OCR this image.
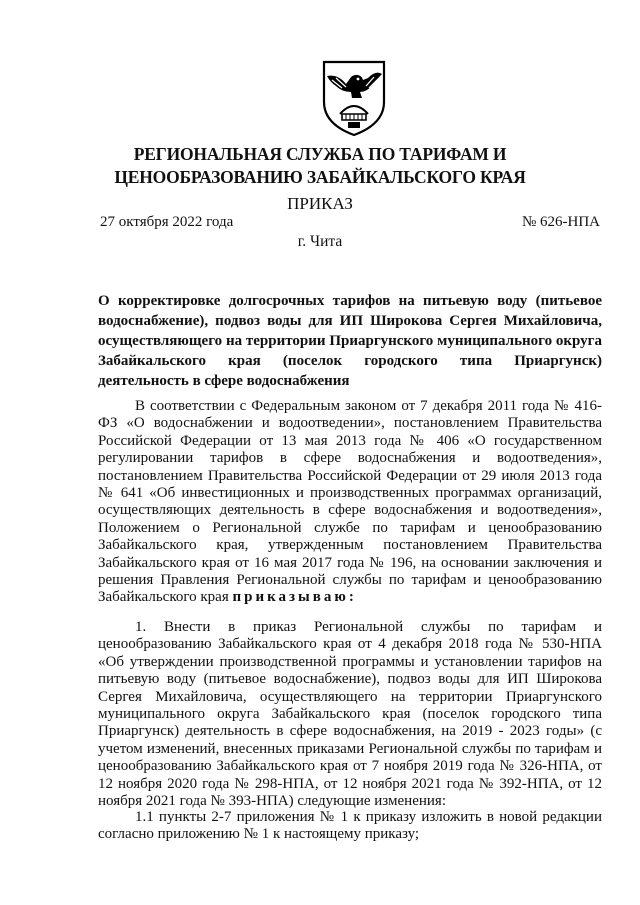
РЕГИОНАЛЬНАЯ СЛУЖБА ПО ТАРИФАМ И
ЦЕНООБРАЗОВАНИЮ ЗАБАЙКАЛЬСКОГО КРАЯ
ПРИКАЗ
27 октября 2022 года	№ 626-НПА
г. Чита
О корректировке долгосрочных тарифов на питьевую воду (питьевое водоснабжение), подвоз воды для ИП Широкова Сергея Михайловича, осуществляющего на территории Приаргунского муниципального округа Забайкальского края (поселок городского типа Приаргунск) деятельность в сфере водоснабжения

В соответствии с Федеральным законом от 7 декабря 2011 года № 416-ФЗ «О водоснабжении и водоотведении», постановлением Правительства Российской Федерации от 13 мая 2013 года № 406 «О государственном регулировании тарифов в сфере водоснабжения и водоотведения», постановлением Правительства Российской Федерации от 29 июля 2013 года № 641 «Об инвестиционных и производственных программах организаций, осуществляющих деятельность в сфере водоснабжения и водоотведения», Положением о Региональной службе по тарифам и ценообразованию Забайкальского края, утвержденным постановлением Правительства Забайкальского края от 16 мая 2017 года № 196, на основании заключения и решения Правления Региональной службы по тарифам и ценообразованию Забайкальского края приказываю:

1. Внести в приказ Региональной службы по тарифам и ценообразованию Забайкальского края от 4 декабря 2018 года № 530-НПА «Об утверждении производственной программы и установлении тарифов на питьевую воду (питьевое водоснабжение), подвоз воды для ИП Широкова Сергея Михайловича, осуществляющего на территории Приаргунского муниципального округа Забайкальского края (поселок городского типа Приаргунск) деятельность в сфере водоснабжения, на 2019 - 2023 годы» (с учетом изменений, внесенных приказами Региональной службы по тарифам и ценообразованию Забайкальского края от 7 ноября 2019 года № 326-НПА, от 12 ноября 2020 года № 298-НПА, от 12 ноября 2021 года № 392-НПА, от 12 ноября 2021 года № 393-НПА) следующие изменения:

1.1 пункты 2-7 приложения № 1 к приказу изложить в новой редакции согласно приложению № 1 к настоящему приказу;
